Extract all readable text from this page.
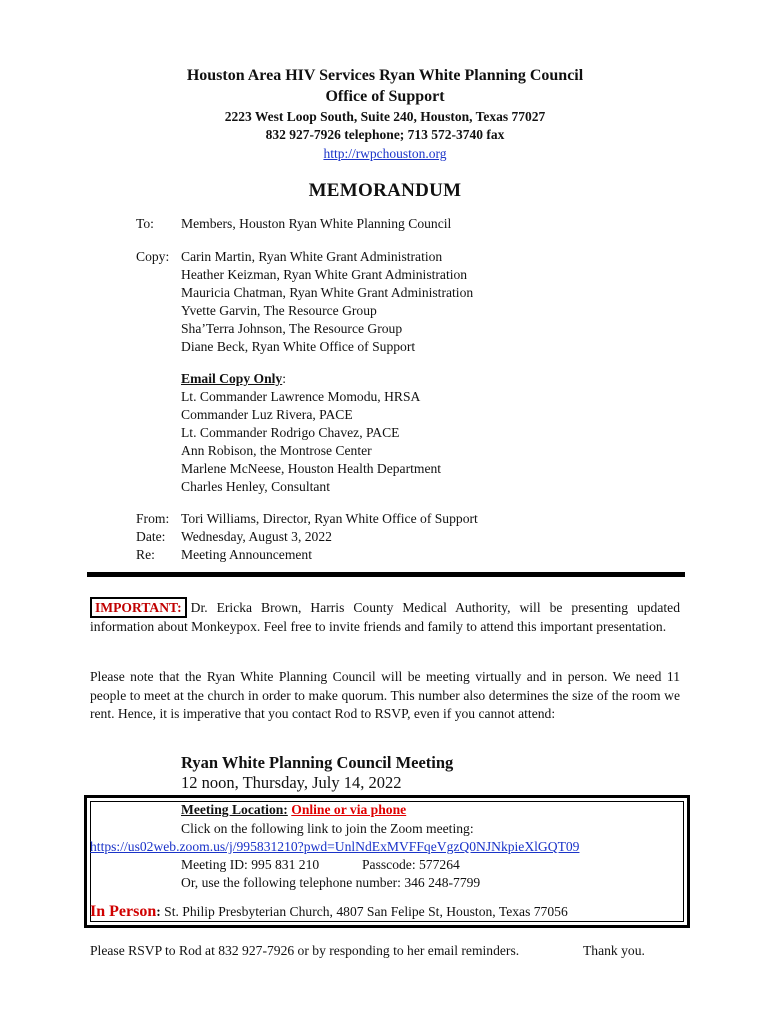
Houston Area HIV Services Ryan White Planning Council
Office of Support
2223 West Loop South, Suite 240, Houston, Texas 77027
832 927-7926 telephone; 713 572-3740 fax
http://rwpchouston.org
MEMORANDUM
To: Members, Houston Ryan White Planning Council
Copy: Carin Martin, Ryan White Grant Administration
Heather Keizman, Ryan White Grant Administration
Mauricia Chatman, Ryan White Grant Administration
Yvette Garvin, The Resource Group
Sha’Terra Johnson, The Resource Group
Diane Beck, Ryan White Office of Support
Email Copy Only:
Lt. Commander Lawrence Momodu, HRSA
Commander Luz Rivera, PACE
Lt. Commander Rodrigo Chavez, PACE
Ann Robison, the Montrose Center
Marlene McNeese, Houston Health Department
Charles Henley, Consultant
From: Tori Williams, Director, Ryan White Office of Support
Date: Wednesday, August 3, 2022
Re: Meeting Announcement
IMPORTANT: Dr. Ericka Brown, Harris County Medical Authority, will be presenting updated information about Monkeypox. Feel free to invite friends and family to attend this important presentation.
Please note that the Ryan White Planning Council will be meeting virtually and in person. We need 11 people to meet at the church in order to make quorum. This number also determines the size of the room we rent. Hence, it is imperative that you contact Rod to RSVP, even if you cannot attend:
Ryan White Planning Council Meeting
12 noon, Thursday, July 14, 2022
Meeting Location: Online or via phone
Click on the following link to join the Zoom meeting:
https://us02web.zoom.us/j/99583121​0?pwd=UnlNdExMVFFqeVgzQ0NJNkpieXlGQT09
Meeting ID: 995 831 210	Passcode: 577264
Or, use the following telephone number: 346 248-7799
In Person: St. Philip Presbyterian Church, 4807 San Felipe St, Houston, Texas 77056
Please RSVP to Rod at 832 927-7926 or by responding to her email reminders.	Thank you.
